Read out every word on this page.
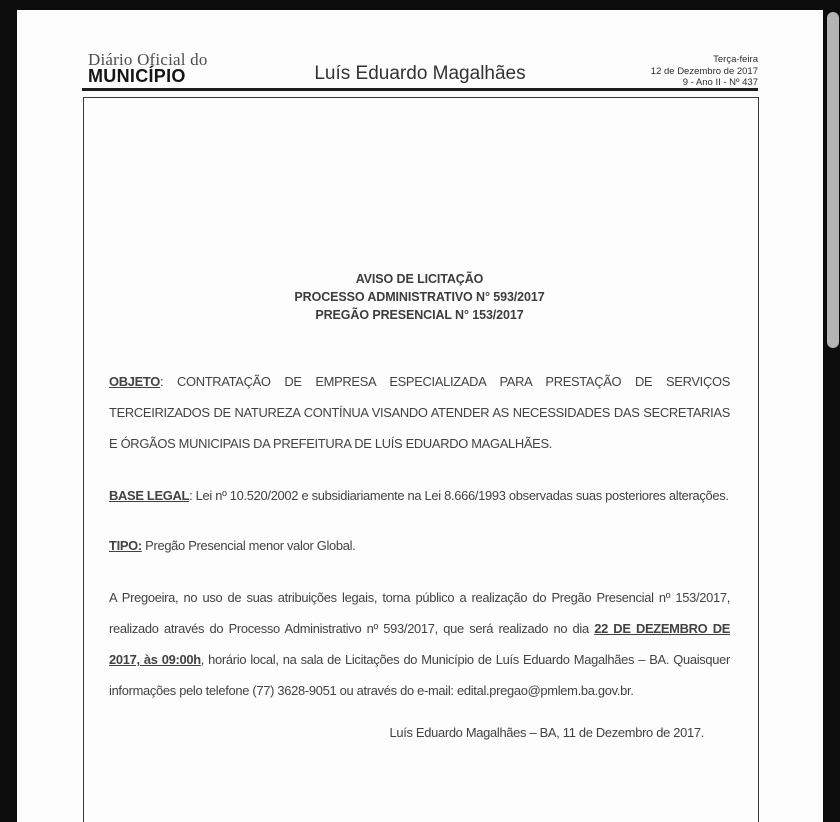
Diário Oficial do
MUNICÍPIO	Luís Eduardo Magalhães
Terça-feira
12 de Dezembro de 2017
9 - Ano II - Nº 437
AVISO DE LICITAÇÃO
PROCESSO ADMINISTRATIVO N° 593/2017
PREGÃO PRESENCIAL N° 153/2017

OBJETO: CONTRATAÇÃO DE EMPRESA ESPECIALIZADA PARA PRESTAÇÃO DE SERVIÇOS TERCEIRIZADOS DE NATUREZA CONTÍNUA VISANDO ATENDER AS NECESSIDADES DAS SECRETARIAS E ÓRGÃOS MUNICIPAIS DA PREFEITURA DE LUÍS EDUARDO MAGALHÃES.

BASE LEGAL: Lei nº 10.520/2002 e subsidiariamente na Lei 8.666/1993 observadas suas posteriores alterações.

TIPO: Pregão Presencial menor valor Global.

A Pregoeira, no uso de suas atribuições legais, torna público a realização do Pregão Presencial nº 153/2017, realizado através do Processo Administrativo nº 593/2017, que será realizado no dia 22 DE DEZEMBRO DE 2017, às 09:00h, horário local, na sala de Licitações do Município de Luís Eduardo Magalhães – BA. Quaisquer informações pelo telefone (77) 3628-9051 ou através do e-mail: edital.pregao@pmlem.ba.gov.br.

Luís Eduardo Magalhães – BA, 11 de Dezembro de 2017.
